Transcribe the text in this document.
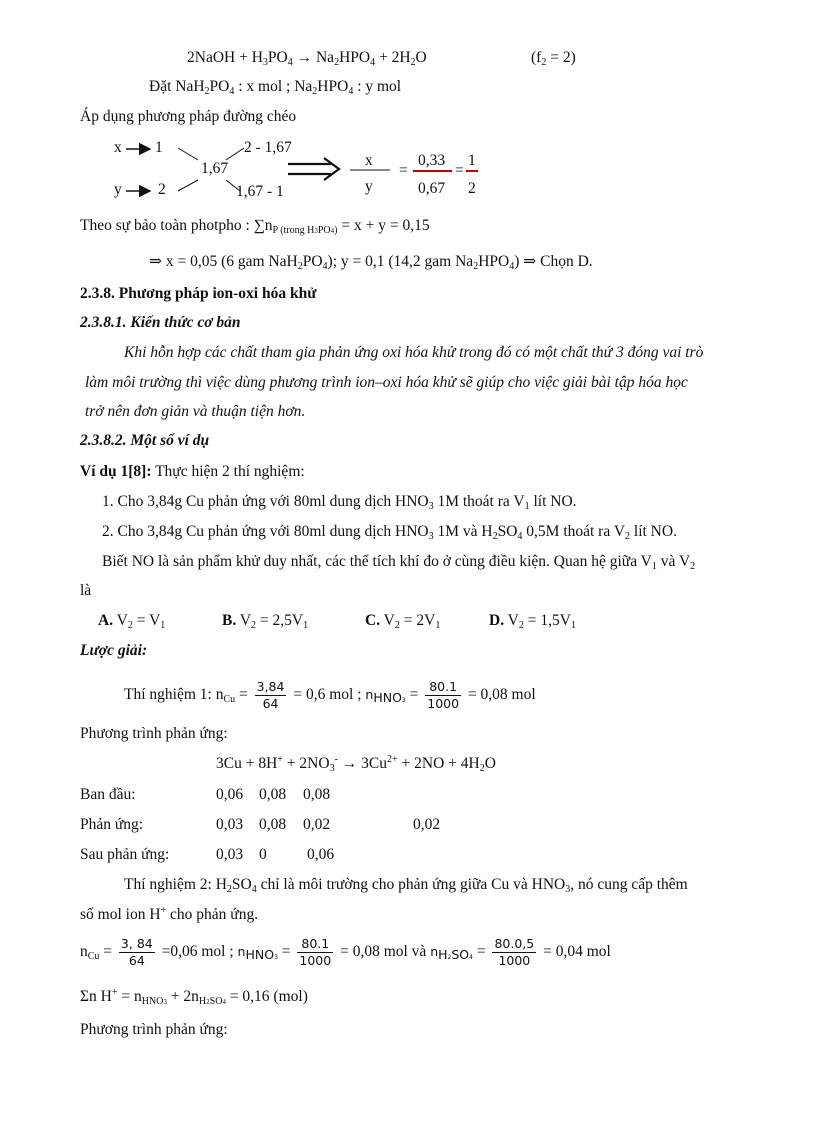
2NaOH + $H_3PO_4 \to Na_2HPO_4 + 2H_2O$	$(f_2 = 2)$
Đặt $NaH_2PO_4$ : x mol ; $Na_2HPO_4$ : y mol
Áp dụng phương pháp đường chéo
x 1
y 2
1,67
2 - 1,67
1,67 - 1
x
y
=
0,33
0,67
=
1
2
Theo sự bảo toàn photpho : $\sum n_{P (trong H3PO4)} = x + y = 0,15$
⇒ x = 0,05 (6 gam $NaH_2PO_4$); y = 0,1 (14,2 gam $Na_2HPO_4$) ⇒ Chọn D.
2.3.8. Phương pháp ion-oxi hóa khử
2.3.8.1. Kiến thức cơ bản
Khi hỗn hợp các chất tham gia phản ứng oxi hóa khử trong đó có một chất thứ 3 đóng vai trò
làm môi trường thì việc dùng phương trình ion–oxi hóa khử sẽ giúp cho việc giải bài tập hóa học
trở nên đơn giản và thuận tiện hơn.
2.3.8.2. Một số ví dụ
Ví dụ 1[8]: Thực hiện 2 thí nghiệm:
1. Cho 3,84g Cu phản ứng với 80ml dung dịch $HNO_3$ 1M thoát ra $V_1$ lít NO.
2. Cho 3,84g Cu phản ứng với 80ml dung dịch $HNO_3$ 1M và $H_2SO_4$ 0,5M thoát ra $V_2$ lít NO.
Biết NO là sản phẩm khử duy nhất, các thể tích khí đo ở cùng điều kiện. Quan hệ giữa $V_1$ và $V_2$
là
A. $V_2 = V_1$	B. $V_2 = 2,5V_1$	C. $V_2 = 2V_1$	D. $V_2 = 1,5V_1$
Lược giải:
Thí nghiệm 1: $n_{Cu} = \frac{3,84}{64} = 0,6$ mol ; $n_{HNO3} = \frac{80.1}{1000} = 0,08$ mol
Phương trình phản ứng:
$3Cu + 8H^+ + 2NO_3^- \to 3Cu^{2+} + 2NO + 4H_2O$
Ban đầu:	0,06 0,08 0,08
Phản ứng:	0,03 0,08 0,02	0,02
Sau phản ứng:	0,03 0	0,06
Thí nghiệm 2: $H_2SO_4$ chỉ là môi trường cho phản ứng giữa Cu và $HNO_3$, nó cung cấp thêm
số mol ion H+ cho phản ứng.
$n_{Cu} = \frac{3, 84}{64} =0,06$ mol ; $n_{HNO3} = \frac{80.1}{1000} = 0,08$ mol và $n_{H2SO4} = \frac{80.0,5}{1000} = 0,04$ mol
Σn $H^+ = n_{HNO3} + 2n_{H2SO4} = 0,16$ (mol)
Phương trình phản ứng:
